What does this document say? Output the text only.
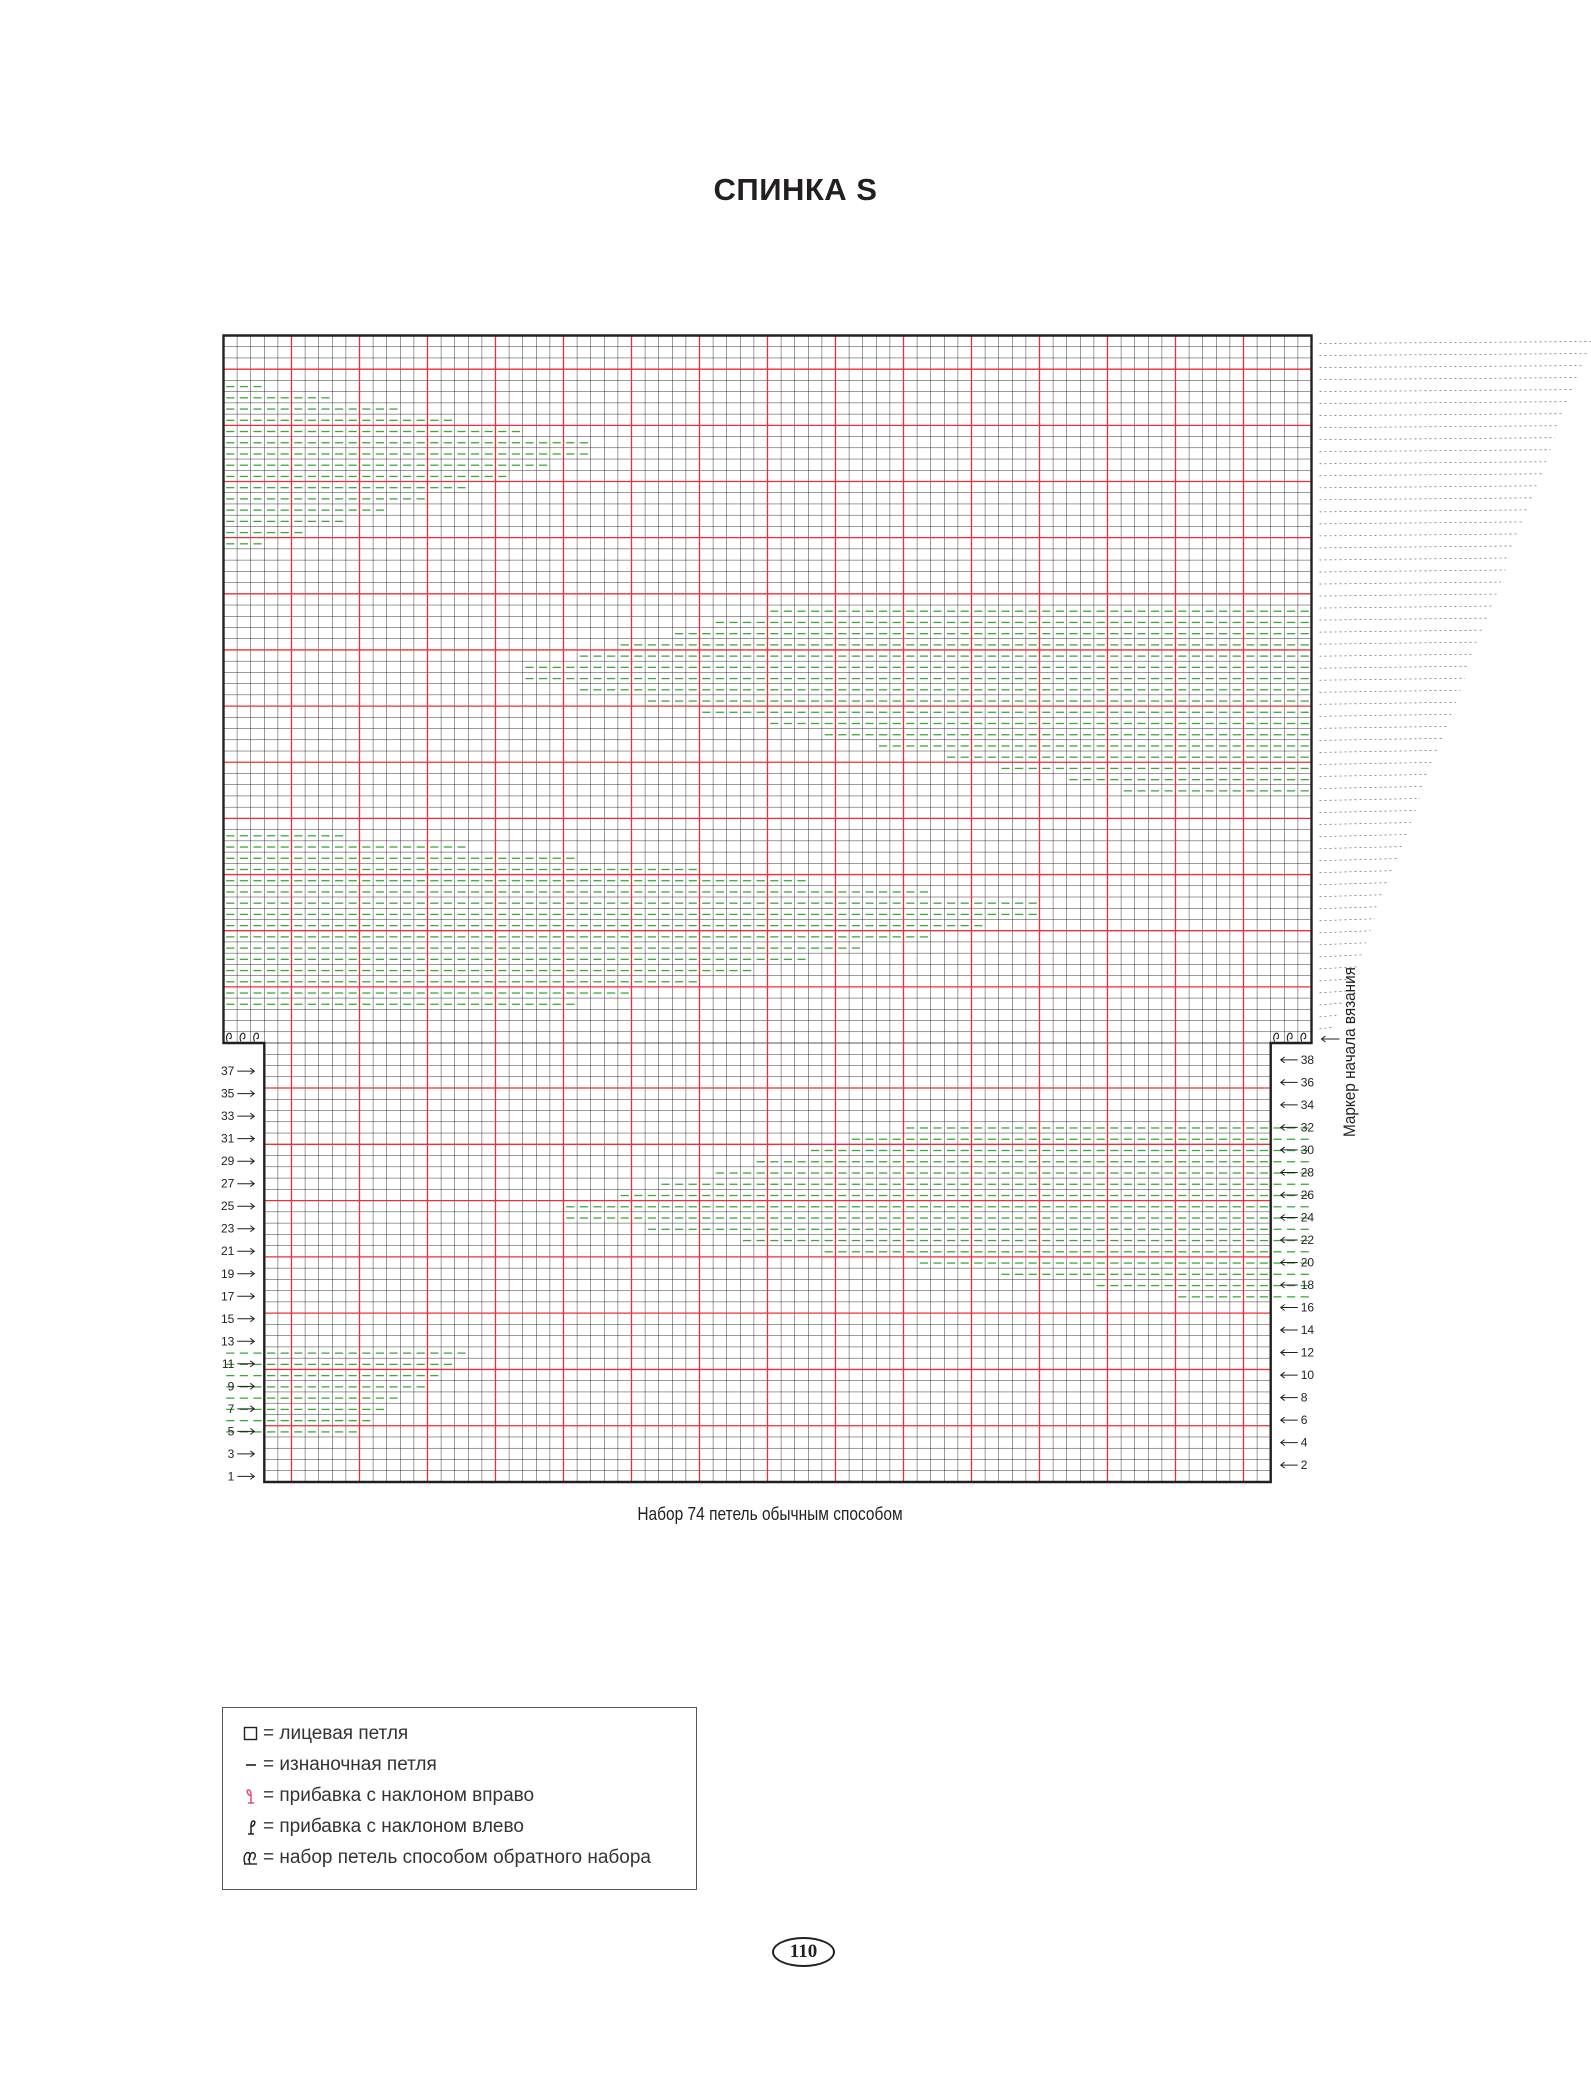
СПИНКА S
37
35
33
31
29
27
25
23
21
19
17
15
13
11
9
7
5
3
1
38
36
34
32
30
28
26
24
22
20
18
16
14
12
10
8
6
4
2
Маркер начала вязания
Набор 74 петель обычным способом
= лицевая петля
= изнаночная петля
= прибавка с наклоном вправо
= прибавка с наклоном влево
= набор петель способом обратного набора
110
